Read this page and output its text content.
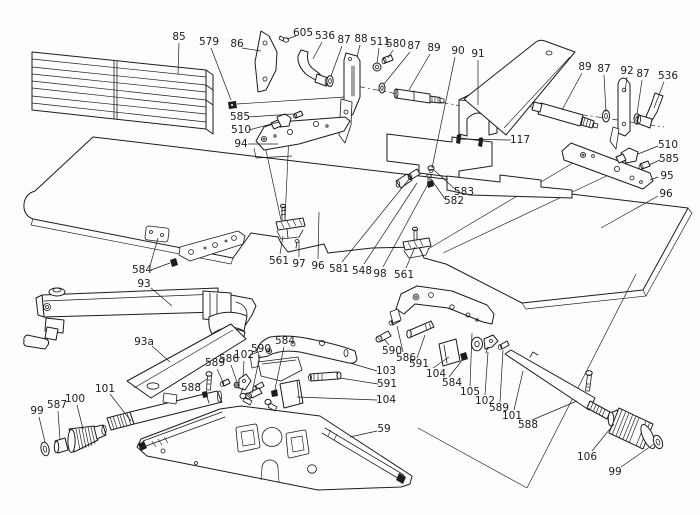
85 579 86
605 536 87 88 511
580 87 89 90 91
89 87 92 87 536
585
510
94	117	510
585
95
96
583
582
584
93
93a
561 97 96 581 548 98 561
590
586
102
584
589
588
103
591
104
590
586
591
104
584
105
102
589
101
588
106
99
59
101
100
587
99
